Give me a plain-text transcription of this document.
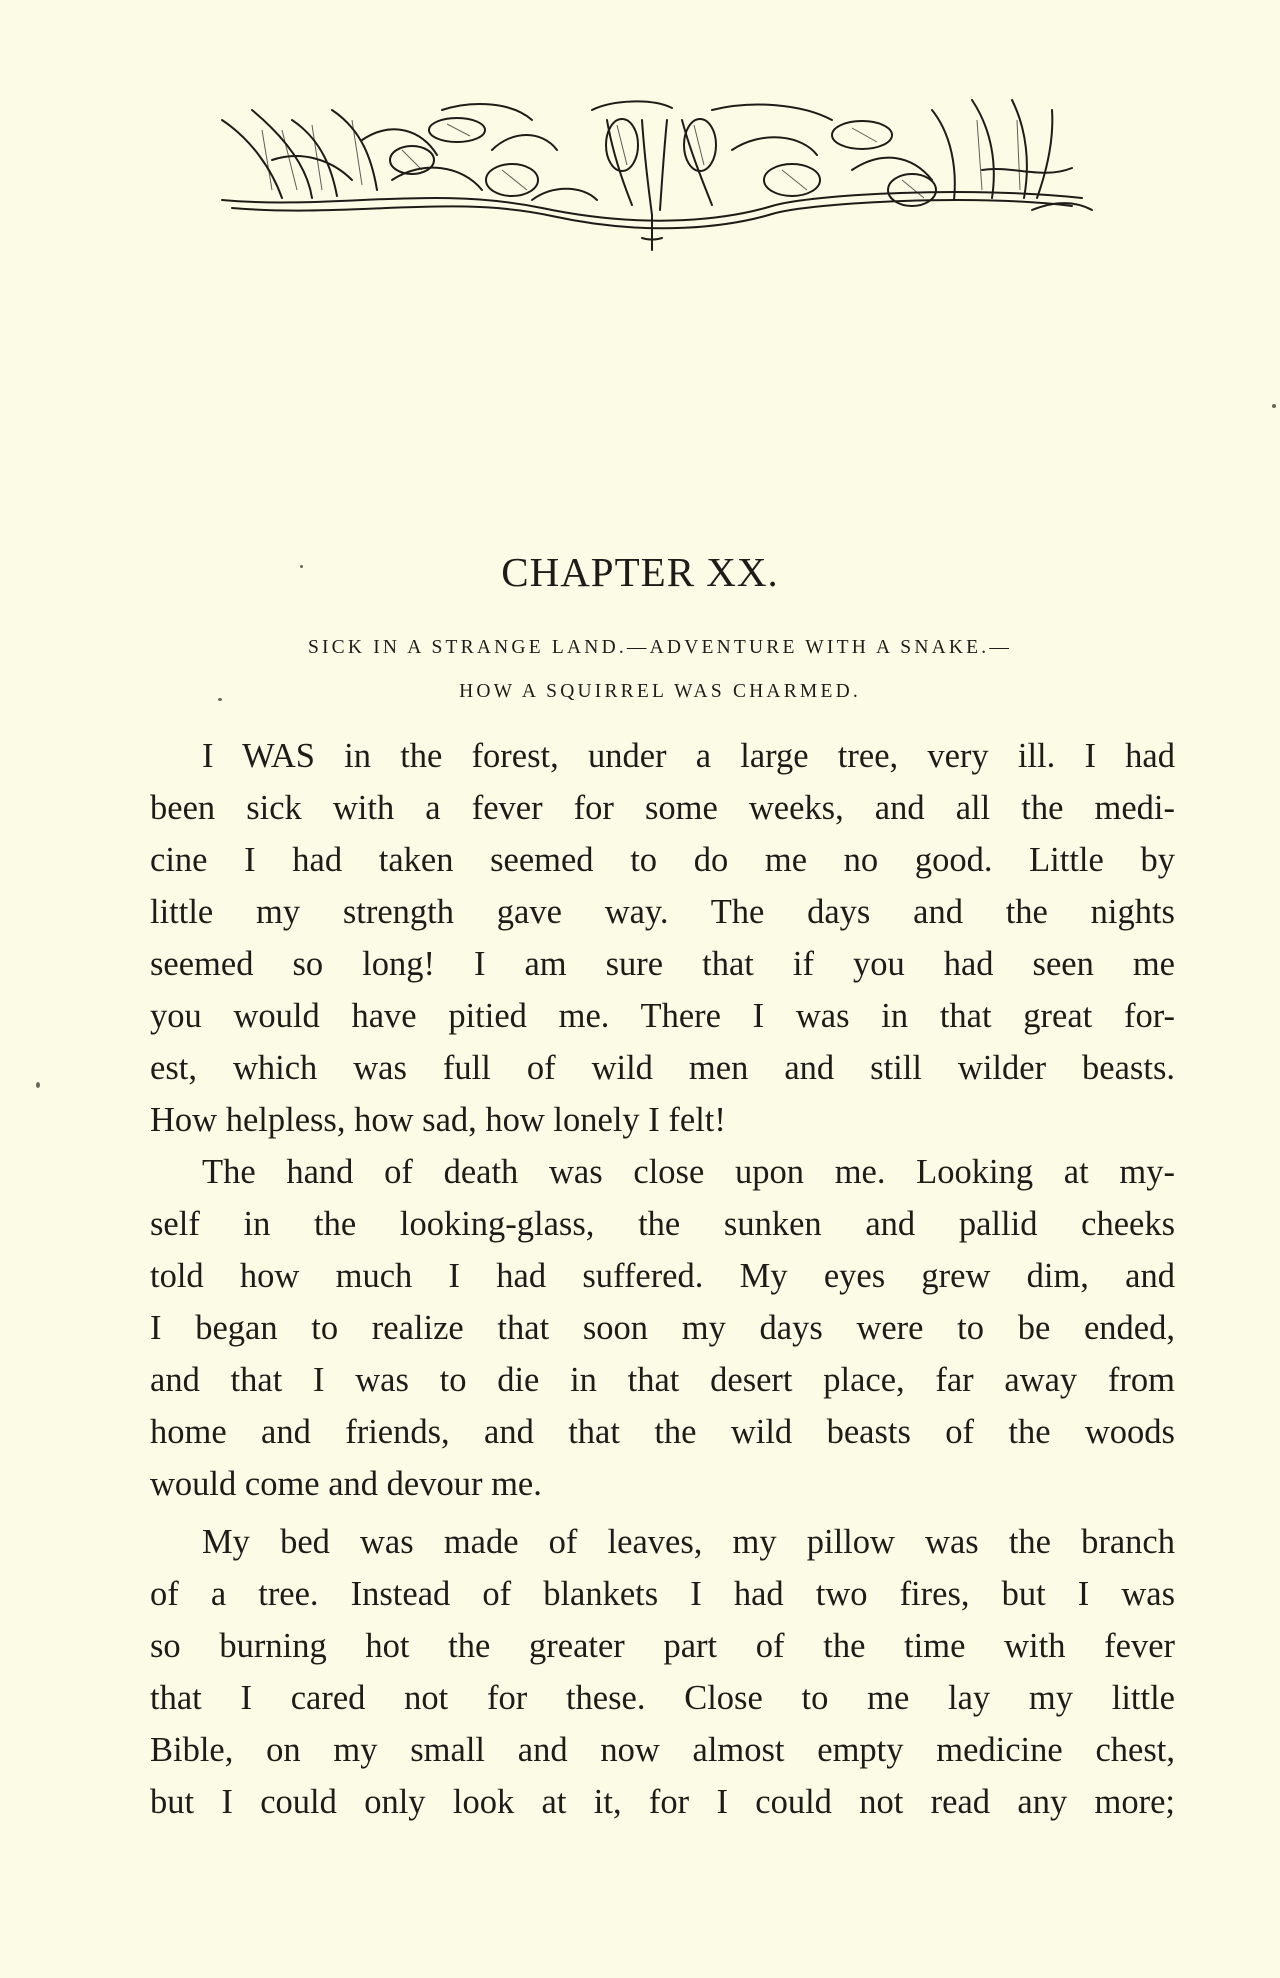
CHAPTER XX.
SICK IN A STRANGE LAND.—ADVENTURE WITH A SNAKE.—
HOW A SQUIRREL WAS CHARMED.
I WAS in the forest, under a large tree, very ill. I had
been sick with a fever for some weeks, and all the medi-
cine I had taken seemed to do me no good. Little by
little my strength gave way. The days and the nights
seemed so long! I am sure that if you had seen me
you would have pitied me. There I was in that great for-
est, which was full of wild men and still wilder beasts.
How helpless, how sad, how lonely I felt!
The hand of death was close upon me. Looking at my-
self in the looking-glass, the sunken and pallid cheeks
told how much I had suffered. My eyes grew dim, and
I began to realize that soon my days were to be ended,
and that I was to die in that desert place, far away from
home and friends, and that the wild beasts of the woods
would come and devour me.
My bed was made of leaves, my pillow was the branch
of a tree. Instead of blankets I had two fires, but I was
so burning hot the greater part of the time with fever
that I cared not for these. Close to me lay my little
Bible, on my small and now almost empty medicine chest,
but I could only look at it, for I could not read any more;
